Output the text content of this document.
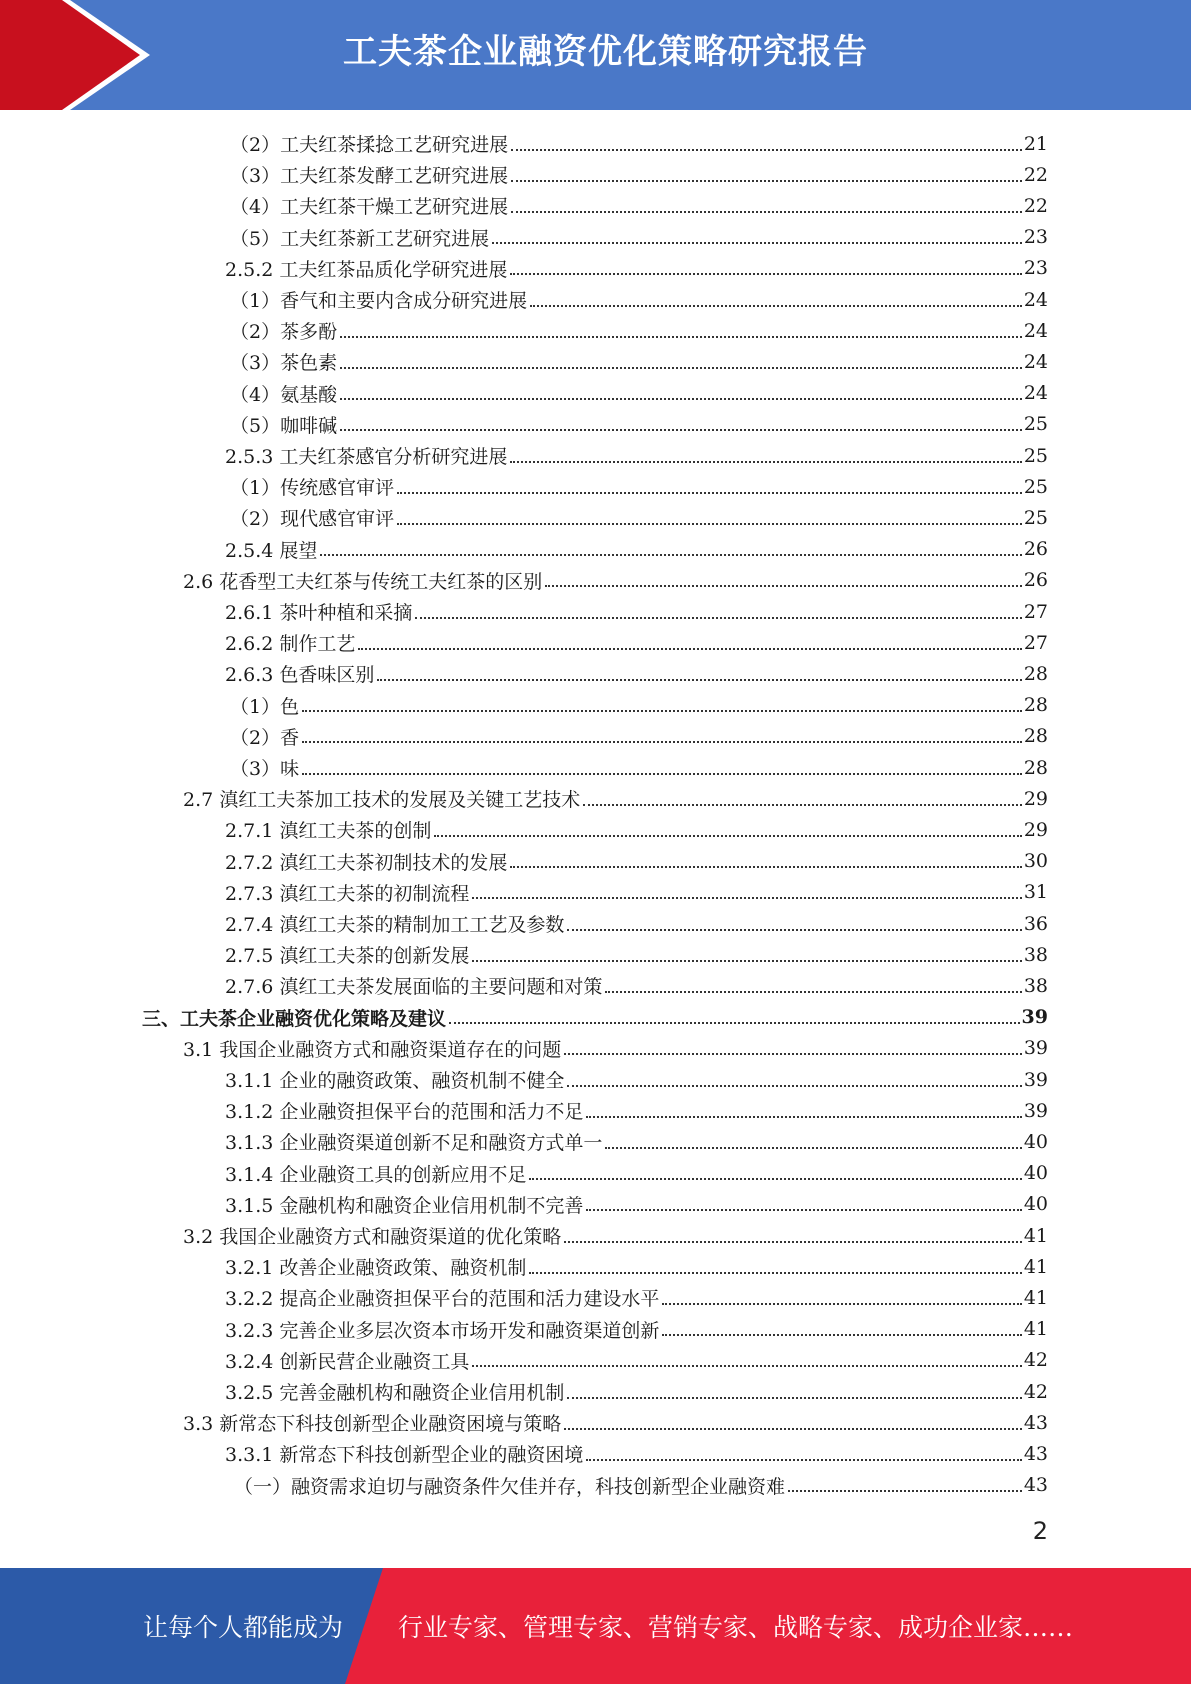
工夫茶企业融资优化策略研究报告
（2）工夫红茶揉捻工艺研究进展	21
（3）工夫红茶发酵工艺研究进展	22
（4）工夫红茶干燥工艺研究进展	22
（5）工夫红茶新工艺研究进展	23
2.5.2 工夫红茶品质化学研究进展	23
（1）香气和主要内含成分研究进展	24
（2）茶多酚	24
（3）茶色素	24
（4）氨基酸	24
（5）咖啡碱	25
2.5.3 工夫红茶感官分析研究进展	25
（1）传统感官审评	25
（2）现代感官审评	25
2.5.4 展望	26
2.6 花香型工夫红茶与传统工夫红茶的区别	26
2.6.1 茶叶种植和采摘	27
2.6.2 制作工艺	27
2.6.3 色香味区别	28
（1）色	28
（2）香	28
（3）味	28
2.7 滇红工夫茶加工技术的发展及关键工艺技术	29
2.7.1 滇红工夫茶的创制	29
2.7.2 滇红工夫茶初制技术的发展	30
2.7.3 滇红工夫茶的初制流程	31
2.7.4 滇红工夫茶的精制加工工艺及参数	36
2.7.5 滇红工夫茶的创新发展	38
2.7.6 滇红工夫茶发展面临的主要问题和对策	38
三、工夫茶企业融资优化策略及建议	39
3.1 我国企业融资方式和融资渠道存在的问题	39
3.1.1 企业的融资政策、融资机制不健全	39
3.1.2 企业融资担保平台的范围和活力不足	39
3.1.3 企业融资渠道创新不足和融资方式单一	40
3.1.4 企业融资工具的创新应用不足	40
3.1.5 金融机构和融资企业信用机制不完善	40
3.2 我国企业融资方式和融资渠道的优化策略	41
3.2.1 改善企业融资政策、融资机制	41
3.2.2 提高企业融资担保平台的范围和活力建设水平	41
3.2.3 完善企业多层次资本市场开发和融资渠道创新	41
3.2.4 创新民营企业融资工具	42
3.2.5 完善金融机构和融资企业信用机制	42
3.3 新常态下科技创新型企业融资困境与策略	43
3.3.1 新常态下科技创新型企业的融资困境	43
（一）融资需求迫切与融资条件欠佳并存，科技创新型企业融资难	43
2
让每个人都能成为 行业专家、管理专家、营销专家、战略专家、成功企业家……
